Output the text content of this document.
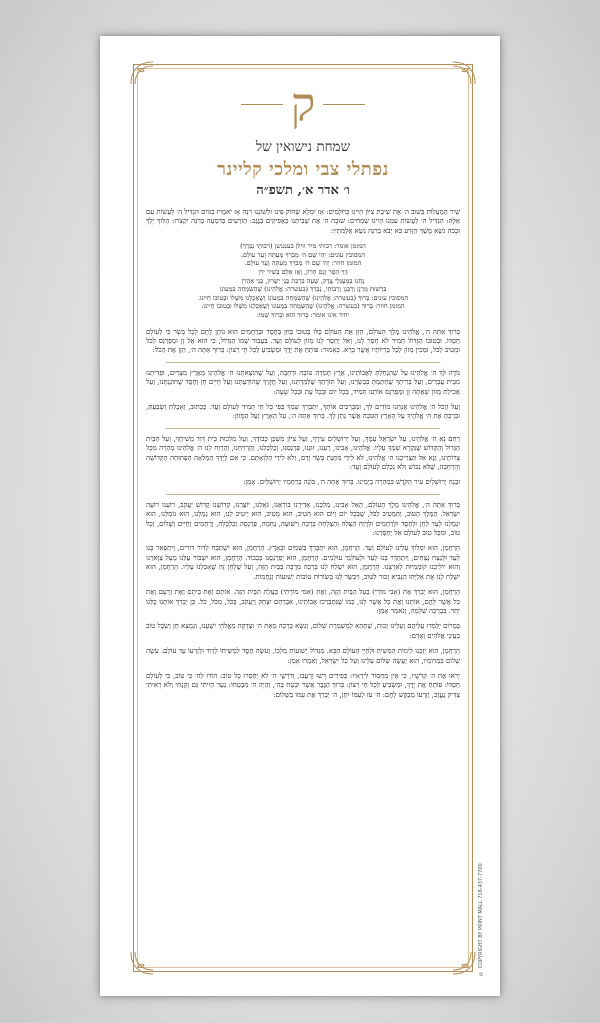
ק
שמחת נישואין של
נפתלי צבי ומלכי קליינר
ו׳ אדר א׳, תשפ״ה

שִׁיר הַמַּעֲלוֹת בְּשׁוּב ה׳ אֶת שִׁיבַת צִיּוֹן הָיִינוּ כְּחֹלְמִים: אָז יִמָּלֵא שְׂחוֹק פִּינוּ וּלְשׁוֹנֵנוּ רִנָּה אָז יֹאמְרוּ בַגּוֹיִם הִגְדִּיל ה׳ לַעֲשׂוֹת עִם אֵלֶּה: הִגְדִּיל ה׳ לַעֲשׂוֹת עִמָּנוּ הָיִינוּ שְׂמֵחִים: שׁוּבָה ה׳ אֶת שְׁבִיתֵנוּ כַּאֲפִיקִים בַּנֶּגֶב: הַזֹּרְעִים בְּדִמְעָה בְּרִנָּה יִקְצֹרוּ: הָלוֹךְ יֵלֵךְ וּבָכֹה נֹשֵׂא מֶשֶׁךְ הַזָּרַע בֹּא יָבֹא בְרִנָּה נֹשֵׂא אֲלֻמֹּתָיו:

המזמן אומר: רבותי מיר ווילן בענטשן (רבותַי נְבָרֵךְ)
המסובין עונים: יְהִי שֵׁם ה׳ מְבֹרָךְ מֵעַתָּה וְעַד עוֹלָם.
המזמן חוזר: יְהִי שֵׁם ה׳ מְבֹרָךְ מֵעַתָּה וְעַד עוֹלָם.
דְּוַי הָסֵר וְגַם חָרוֹן, וְאָז אִלֵּם בְּשִׁיר יָרֹן
נְחֵנוּ בְּמַעְגְּלֵי צֶדֶק, שְׁעֵה בִּרְכַּת בְּנֵי יְשֻׁרוּן, בְּנֵי אַהֲרֹן
בִּרְשׁוּת מָרָנָן וְרַבָּנָן וְרַבּוֹתַי, נְבָרֵךְ (בעשרה: אֱלֹהֵינוּ) שֶׁהַשִּׂמְחָה בִּמְעוֹנוֹ
המסובין עונים: בָּרוּךְ (בעשרה: אֱלֹהֵינוּ) שֶׁהַשִּׂמְחָה בִּמְעוֹנוֹ וְשֶׁאָכַלְנוּ מִשֶּׁלּוֹ וּבְטוּבוֹ חָיִינוּ.
המזמן חוזר: בָּרוּךְ (בעשרה: אֱלֹהֵינוּ) שֶׁהַשִּׂמְחָה בִּמְעוֹנוֹ וְשֶׁאָכַלְנוּ מִשֶּׁלּוֹ וּבְטוּבוֹ חָיִינוּ.
יחיד אינו אומר: בָּרוּךְ הוּא וּבָרוּךְ שְׁמוֹ:

בָּרוּךְ אַתָּה ה׳, אֱלֹהֵינוּ מֶלֶךְ הָעוֹלָם, הַזָּן אֶת הָעוֹלָם כֻּלּוֹ בְּטוּבוֹ בְּחֵן בְּחֶסֶד וּבְרַחֲמִים הוּא נוֹתֵן לֶחֶם לְכָל בָּשָׂר כִּי לְעוֹלָם חַסְדּוֹ. וּבְטוּבוֹ הַגָּדוֹל תָּמִיד לֹא חָסַר לָנוּ, וְאַל יֶחְסַר לָנוּ מָזוֹן לְעוֹלָם וָעֶד. בַּעֲבוּר שְׁמוֹ הַגָּדוֹל, כִּי הוּא אֵל זָן וּמְפַרְנֵס לַכֹּל וּמֵטִיב לַכֹּל, וּמֵכִין מָזוֹן לְכָל בְּרִיּוֹתָיו אֲשֶׁר בָּרָא. כָּאָמוּר: פּוֹתֵחַ אֶת יָדֶךָ וּמַשְׂבִּיעַ לְכָל חַי רָצוֹן: בָּרוּךְ אַתָּה ה׳, הַזָּן אֶת הַכֹּל:

נוֹדֶה לְּךָ ה׳ אֱלֹהֵינוּ עַל שֶׁהִנְחַלְתָּ לַאֲבוֹתֵינוּ, אֶרֶץ חֶמְדָּה טוֹבָה וּרְחָבָה, וְעַל שֶׁהוֹצֵאתָנוּ ה׳ אֱלֹהֵינוּ מֵאֶרֶץ מִצְרַיִם, וּפְדִיתָנוּ מִבֵּית עֲבָדִים, וְעַל בְּרִיתְךָ שֶׁחָתַמְתָּ בִּבְשָׂרֵנוּ, וְעַל תּוֹרָתְךָ שֶׁלִּמַּדְתָּנוּ, וְעַל חֻקֶּיךָ שֶׁהוֹדַעְתָּנוּ וְעַל חַיִּים חֵן וָחֶסֶד שֶׁחוֹנַנְתָּנוּ, וְעַל אֲכִילַת מָזוֹן שָׁאַתָּה זָן וּמְפַרְנֵס אוֹתָנוּ תָּמִיד, בְּכָל יוֹם וּבְכָל עֵת וּבְכָל שָׁעָה:

וְעַל הַכֹּל ה׳ אֱלֹהֵינוּ אֲנַחְנוּ מוֹדִים לָךְ, וּמְבָרְכִים אוֹתָךְ, יִתְבָּרַךְ שִׁמְךָ בְּפִי כָּל חַי תָּמִיד לְעוֹלָם וָעֶד. כַּכָּתוּב, וְאָכַלְתָּ וְשָׂבָעְתָּ, וּבֵרַכְתָּ אֶת ה׳ אֱלֹהֶיךָ עַל הָאָרֶץ הַטֹּבָה אֲשֶׁר נָתַן לָךְ. בָּרוּךְ אַתָּה ה׳, עַל הָאָרֶץ וְעַל הַמָּזוֹן:

רַחֵם נָא ה׳ אֱלֹהֵינוּ, עַל יִשְׂרָאֵל עַמֶּךָ, וְעַל יְרוּשָׁלַיִם עִירֶךָ, וְעַל צִיּוֹן מִשְׁכַּן כְּבוֹדֶךָ, וְעַל מַלְכוּת בֵּית דָּוִד מְשִׁיחֶךָ, וְעַל הַבַּיִת הַגָּדוֹל וְהַקָּדוֹשׁ שֶׁנִּקְרָא שִׁמְךָ עָלָיו. אֱלֹהֵינוּ, אָבִינוּ, רְעֵנוּ, זוּנֵנוּ, פַּרְנְסֵנוּ, וְכַלְכְּלֵנוּ, וְהַרְוִיחֵנוּ, וְהַרְוַח לָנוּ ה׳ אֱלֹהֵינוּ מְהֵרָה מִכָּל צָרוֹתֵינוּ, וְנָא אַל תַּצְרִיכֵנוּ ה׳ אֱלֹהֵינוּ, לֹא לִידֵי מַתְּנַת בָּשָׂר וָדָם, וְלֹא לִידֵי הַלְוָאָתָם. כִּי אִם לְיָדְךָ הַמְּלֵאָה הַפְּתוּחָה הַקְּדוֹשָׁה וְהָרְחָבָה, שֶׁלֹּא נֵבוֹשׁ וְלֹא נִכָּלֵם לְעוֹלָם וָעֶד:

וּבְנֵה יְרוּשָׁלַיִם עִיר הַקֹּדֶשׁ בִּמְהֵרָה בְיָמֵינוּ. בָּרוּךְ אַתָּה ה׳, בּוֹנֵה בְרַחֲמָיו יְרוּשָׁלָיִם. אָמֵן:

בָּרוּךְ אַתָּה ה׳, אֱלֹהֵינוּ מֶלֶךְ הָעוֹלָם, הָאֵל אָבִינוּ, מַלְכֵּנוּ, אַדִּירֵנוּ בּוֹרְאֵנוּ, גֹּאֲלֵנוּ, יוֹצְרֵנוּ, קְדוֹשֵׁנוּ קְדוֹשׁ יַעֲקֹב, רוֹעֵנוּ רוֹעֵה יִשְׂרָאֵל. הַמֶּלֶךְ הַטּוֹב, וְהַמֵּטִיב לַכֹּל, שֶׁבְּכָל יוֹם וָיוֹם הוּא הֵטִיב, הוּא מֵטִיב, הוּא יֵיטִיב לָנוּ, הוּא גְמָלָנוּ, הוּא גוֹמְלֵנוּ, הוּא יִגְמְלֵנוּ לָעַד לְחֵן וּלְחֶסֶד וּלְרַחֲמִים וּלְרֶוַח הַצָּלָה וְהַצְלָחָה בְּרָכָה וִישׁוּעָה, נֶחָמָה, פַּרְנָסָה וְכַלְכָּלָה, וְרַחֲמִים וְחַיִּים וְשָׁלוֹם, וְכָל טוֹב, וּמִכָּל טוּב לְעוֹלָם אַל יְחַסְּרֵנוּ:

הָרַחֲמָן, הוּא יִמְלוֹךְ עָלֵינוּ לְעוֹלָם וָעֶד. הָרַחֲמָן, הוּא יִתְבָּרַךְ בַּשָּׁמַיִם וּבָאָרֶץ. הָרַחֲמָן, הוּא יִשְׁתַּבַּח לְדוֹר דּוֹרִים, וְיִתְפָּאַר בָּנוּ לָעַד וּלְנֵצַח נְצָחִים, וְיִתְהַדַּר בָּנוּ לָעַד וּלְעוֹלְמֵי עוֹלָמִים. הָרַחֲמָן, הוּא יְפַרְנְסֵנוּ בְּכָבוֹד. הָרַחֲמָן, הוּא יִשְׁבּוֹר עֻלֵּנוּ מֵעַל צַוָּארֵנוּ וְהוּא יוֹלִיכֵנוּ קוֹמְמִיּוּת לְאַרְצֵנוּ. הָרַחֲמָן, הוּא יִשְׁלַח לָנוּ בְּרָכָה מְרֻבָּה בַּבַּיִת הַזֶּה, וְעַל שֻׁלְחָן זֶה שֶׁאָכַלְנוּ עָלָיו. הָרַחֲמָן, הוּא יִשְׁלַח לָנוּ אֶת אֵלִיָּהוּ הַנָּבִיא זָכוּר לַטּוֹב, וִיבַשֶּׂר לָנוּ בְּשׂוֹרוֹת טוֹבוֹת יְשׁוּעוֹת וְנֶחָמוֹת.

הָרַחֲמָן, הוּא יְבָרֵךְ אֶת (אָבִי מוֹרִי) בַּעַל הַבַּיִת הַזֶּה, וְאֶת (אִמִּי מוֹרָתִי) בַּעֲלַת הַבַּיִת הַזֶּה. אוֹתָם וְאֶת בֵּיתָם וְאֶת זַרְעָם וְאֶת כָּל אֲשֶׁר לָהֶם, אוֹתָנוּ וְאֶת כָּל אֲשֶׁר לָנוּ, כְּמוֹ שֶׁנִּתְבָּרְכוּ אֲבוֹתֵינוּ, אַבְרָהָם יִצְחָק וְיַעֲקֹב, בַּכֹּל, מִכֹּל, כֹּל. כֵּן יְבָרֵךְ אוֹתָנוּ כֻּלָּנוּ יַחַד. בִּבְרָכָה שְׁלֵמָה, וְנֹאמַר אָמֵן:

בַּמָּרוֹם יְלַמְּדוּ עֲלֵיהֶם וְעָלֵינוּ זְכוּת, שֶׁתְּהֵא לְמִשְׁמֶרֶת שָׁלוֹם, וְנִשָּׂא בְרָכָה מֵאֵת ה׳ וּצְדָקָה מֵאֱלֹהֵי יִשְׁעֵנוּ, וְנִמְצָא חֵן וְשֵׂכֶל טוֹב בְּעֵינֵי אֱלֹהִים וְאָדָם:

הָרַחֲמָן, הוּא יְזַכֵּנוּ לִימוֹת הַמָּשִׁיחַ וּלְחַיֵּי הָעוֹלָם הַבָּא. מִגְדּוֹל יְשׁוּעוֹת מַלְכּוֹ, וְעֹשֶׂה חֶסֶד לִמְשִׁיחוֹ לְדָוִד וּלְזַרְעוֹ עַד עוֹלָם. עֹשֶׂה שָׁלוֹם בִּמְרוֹמָיו, הוּא יַעֲשֶׂה שָׁלוֹם עָלֵינוּ וְעַל כָּל יִשְׂרָאֵל, וְאִמְרוּ אָמֵן:

יְראוּ אֶת ה׳ קְדֹשָׁיו, כִּי אֵין מַחְסוֹר לִירֵאָיו: כְּפִירִים רָשׁוּ וְרָעֵבוּ, וְדֹרְשֵׁי ה׳ לֹא יַחְסְרוּ כָל טוֹב: הוֹדוּ לַה׳ כִּי טוֹב, כִּי לְעוֹלָם חַסְדּוֹ: פּוֹתֵחַ אֶת יָדֶךָ, וּמַשְׂבִּיעַ לְכָל חַי רָצוֹן: בָּרוּךְ הַגֶּבֶר אֲשֶׁר יִבְטַח בַּה׳, וְהָיָה ה׳ מִבְטַחוֹ: נַעַר הָיִיתִי גַּם זָקַנְתִּי וְלֹא רָאִיתִי צַדִּיק נֶעֱזָב, וְזַרְעוֹ מְבַקֶּשׁ לָחֶם: ה׳ עֹז לְעַמּוֹ יִתֵּן, ה׳ יְבָרֵךְ אֶת עַמּוֹ בַשָּׁלוֹם:

© COPYRIGHT BY PRINT MALL 718-437-7700
